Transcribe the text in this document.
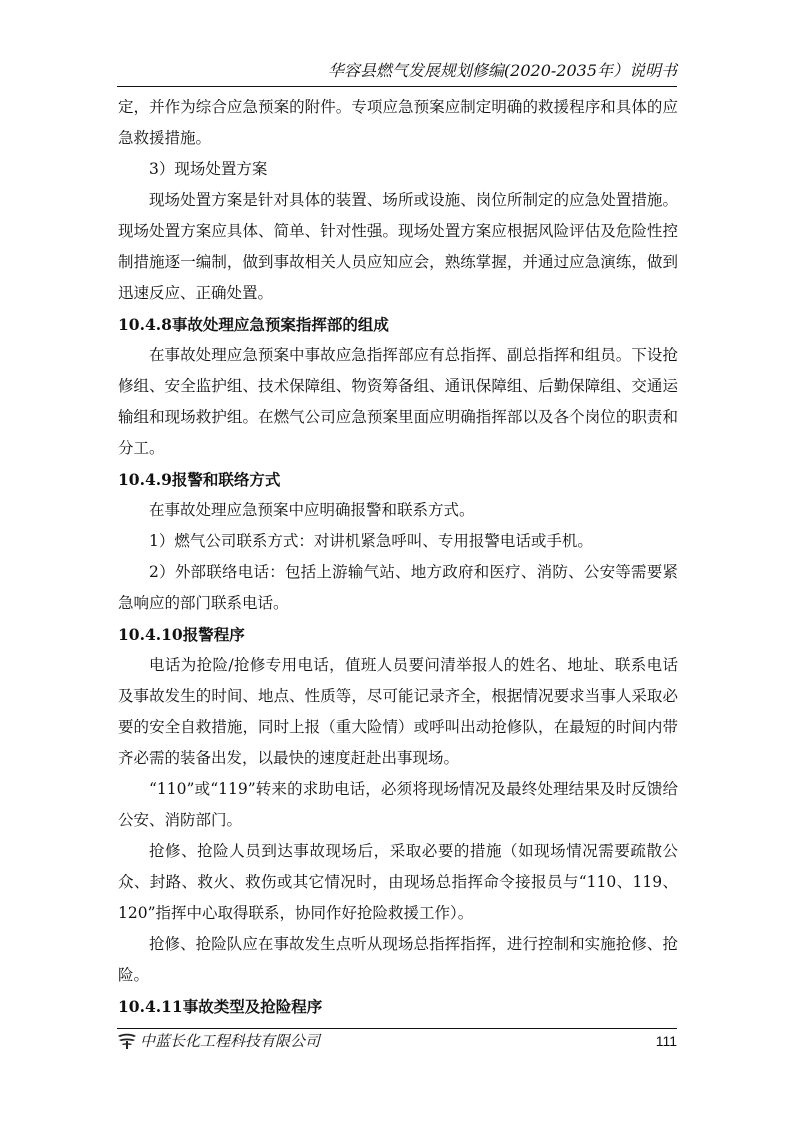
华容县燃气发展规划修编(2020-2035年）说明书

定，并作为综合应急预案的附件。专项应急预案应制定明确的救援程序和具体的应急救援措施。

3）现场处置方案

现场处置方案是针对具体的装置、场所或设施、岗位所制定的应急处置措施。现场处置方案应具体、简单、针对性强。现场处置方案应根据风险评估及危险性控制措施逐一编制，做到事故相关人员应知应会，熟练掌握，并通过应急演练，做到迅速反应、正确处置。

10.4.8事故处理应急预案指挥部的组成

在事故处理应急预案中事故应急指挥部应有总指挥、副总指挥和组员。下设抢修组、安全监护组、技术保障组、物资筹备组、通讯保障组、后勤保障组、交通运输组和现场救护组。在燃气公司应急预案里面应明确指挥部以及各个岗位的职责和分工。

10.4.9报警和联络方式

在事故处理应急预案中应明确报警和联系方式。

1）燃气公司联系方式：对讲机紧急呼叫、专用报警电话或手机。

2）外部联络电话：包括上游输气站、地方政府和医疗、消防、公安等需要紧急响应的部门联系电话。

10.4.10报警程序

电话为抢险/抢修专用电话，值班人员要问清举报人的姓名、地址、联系电话及事故发生的时间、地点、性质等，尽可能记录齐全，根据情况要求当事人采取必要的安全自救措施，同时上报（重大险情）或呼叫出动抢修队，在最短的时间内带齐必需的装备出发，以最快的速度赶赴出事现场。

“110”或“119”转来的求助电话，必须将现场情况及最终处理结果及时反馈给公安、消防部门。

抢修、抢险人员到达事故现场后，采取必要的措施（如现场情况需要疏散公众、封路、救火、救伤或其它情况时，由现场总指挥命令接报员与“110、119、120”指挥中心取得联系，协同作好抢险救援工作）。

抢修、抢险队应在事故发生点听从现场总指挥指挥，进行控制和实施抢修、抢险。

10.4.11事故类型及抢险程序

中蓝长化工程科技有限公司	111
